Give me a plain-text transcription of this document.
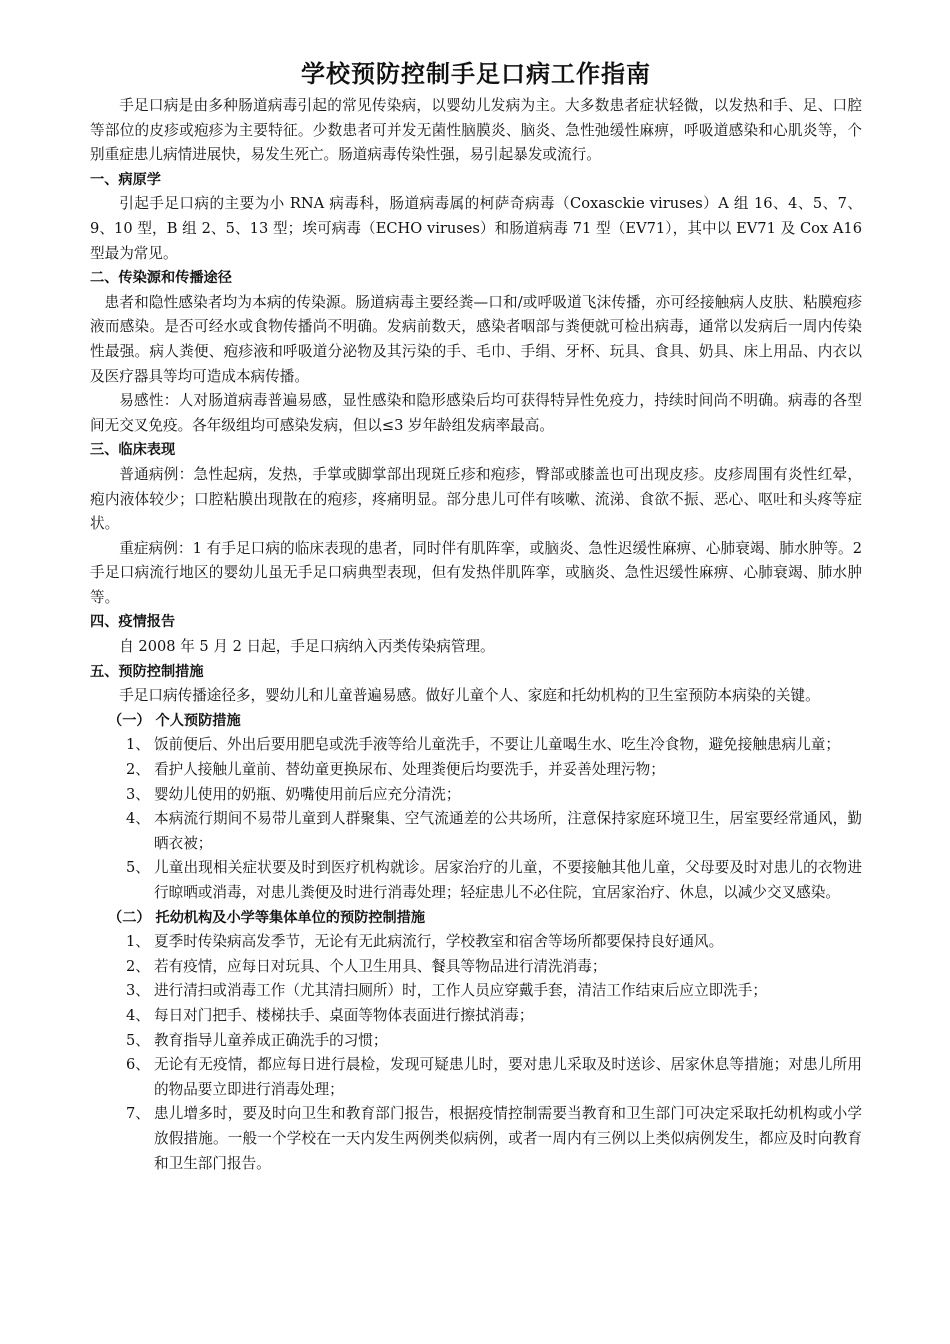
学校预防控制手足口病工作指南

手足口病是由多种肠道病毒引起的常见传染病，以婴幼儿发病为主。大多数患者症状轻微，以发热和手、足、口腔等部位的皮疹或疱疹为主要特征。少数患者可并发无菌性脑膜炎、脑炎、急性弛缓性麻痹，呼吸道感染和心肌炎等，个别重症患儿病情进展快，易发生死亡。肠道病毒传染性强，易引起暴发或流行。

一、病原学

引起手足口病的主要为小 RNA 病毒科，肠道病毒属的柯萨奇病毒（Coxasckie viruses）A 组 16、4、5、7、9、10 型，B 组 2、5、13 型；埃可病毒（ECHO viruses）和肠道病毒 71 型（EV71），其中以 EV71 及 Cox A16 型最为常见。

二、传染源和传播途径

患者和隐性感染者均为本病的传染源。肠道病毒主要经粪—口和/或呼吸道飞沫传播，亦可经接触病人皮肤、粘膜疱疹液而感染。是否可经水或食物传播尚不明确。发病前数天，感染者咽部与粪便就可检出病毒，通常以发病后一周内传染性最强。病人粪便、疱疹液和呼吸道分泌物及其污染的手、毛巾、手绢、牙杯、玩具、食具、奶具、床上用品、内衣以及医疗器具等均可造成本病传播。

易感性：人对肠道病毒普遍易感，显性感染和隐形感染后均可获得特异性免疫力，持续时间尚不明确。病毒的各型间无交叉免疫。各年级组均可感染发病，但以≤3 岁年龄组发病率最高。

三、临床表现

普通病例：急性起病，发热，手掌或脚掌部出现斑丘疹和疱疹，臀部或膝盖也可出现皮疹。皮疹周围有炎性红晕，疱内液体较少；口腔粘膜出现散在的疱疹，疼痛明显。部分患儿可伴有咳嗽、流涕、食欲不振、恶心、呕吐和头疼等症状。

重症病例：1 有手足口病的临床表现的患者，同时伴有肌阵挛，或脑炎、急性迟缓性麻痹、心肺衰竭、肺水肿等。2 手足口病流行地区的婴幼儿虽无手足口病典型表现，但有发热伴肌阵挛，或脑炎、急性迟缓性麻痹、心肺衰竭、肺水肿等。

四、疫情报告

自 2008 年 5 月 2 日起，手足口病纳入丙类传染病管理。

五、预防控制措施

手足口病传播途径多，婴幼儿和儿童普遍易感。做好儿童个人、家庭和托幼机构的卫生室预防本病染的关键。

（一） 个人预防措施
1、 饭前便后、外出后要用肥皂或洗手液等给儿童洗手，不要让儿童喝生水、吃生冷食物，避免接触患病儿童；
2、 看护人接触儿童前、替幼童更换尿布、处理粪便后均要洗手，并妥善处理污物；
3、 婴幼儿使用的奶瓶、奶嘴使用前后应充分清洗；
4、 本病流行期间不易带儿童到人群聚集、空气流通差的公共场所，注意保持家庭环境卫生，居室要经常通风，勤晒衣被；
5、 儿童出现相关症状要及时到医疗机构就诊。居家治疗的儿童，不要接触其他儿童，父母要及时对患儿的衣物进行晾晒或消毒，对患儿粪便及时进行消毒处理；轻症患儿不必住院，宜居家治疗、休息，以减少交叉感染。
（二） 托幼机构及小学等集体单位的预防控制措施
1、 夏季时传染病高发季节，无论有无此病流行，学校教室和宿舍等场所都要保持良好通风。
2、 若有疫情，应每日对玩具、个人卫生用具、餐具等物品进行清洗消毒；
3、 进行清扫或消毒工作（尤其清扫厕所）时，工作人员应穿戴手套，清洁工作结束后应立即洗手；
4、 每日对门把手、楼梯扶手、桌面等物体表面进行擦拭消毒；
5、 教育指导儿童养成正确洗手的习惯；
6、 无论有无疫情，都应每日进行晨检，发现可疑患儿时，要对患儿采取及时送诊、居家休息等措施；对患儿所用的物品要立即进行消毒处理；
7、 患儿增多时，要及时向卫生和教育部门报告，根据疫情控制需要当教育和卫生部门可决定采取托幼机构或小学放假措施。一般一个学校在一天内发生两例类似病例，或者一周内有三例以上类似病例发生，都应及时向教育和卫生部门报告。
